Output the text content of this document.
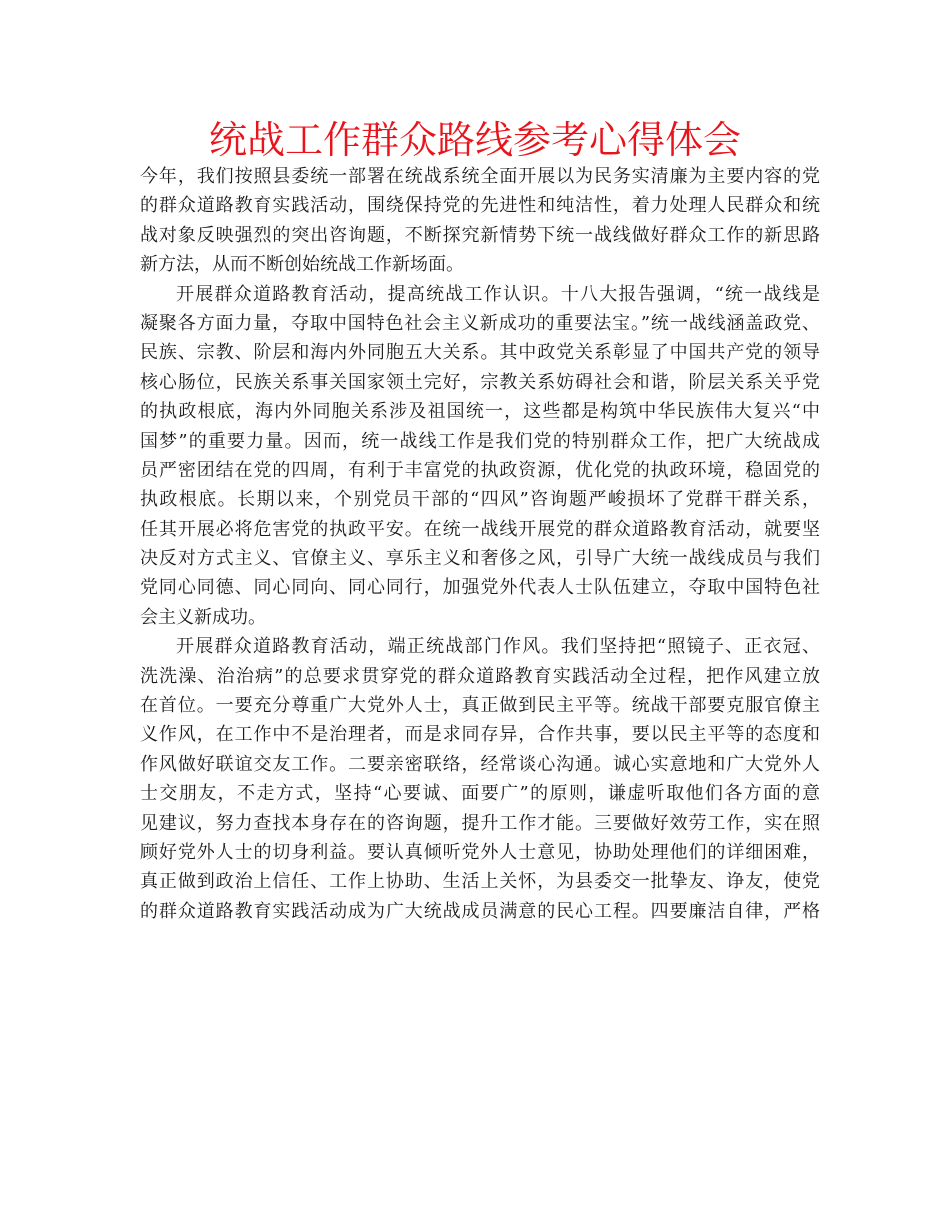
统战工作群众路线参考心得体会
今年，我们按照县委统一部署在统战系统全面开展以为民务实清廉为主要内容的党
的群众道路教育实践活动，围绕保持党的先进性和纯洁性，着力处理人民群众和统
战对象反映强烈的突出咨询题，不断探究新情势下统一战线做好群众工作的新思路
新方法，从而不断创始统战工作新场面。
开展群众道路教育活动，提高统战工作认识。十八大报告强调，“统一战线是
凝聚各方面力量，夺取中国特色社会主义新成功的重要法宝。”统一战线涵盖政党、
民族、宗教、阶层和海内外同胞五大关系。其中政党关系彰显了中国共产党的领导
核心肠位，民族关系事关国家领土完好，宗教关系妨碍社会和谐，阶层关系关乎党
的执政根底，海内外同胞关系涉及祖国统一，这些都是构筑中华民族伟大复兴“中
国梦”的重要力量。因而，统一战线工作是我们党的特别群众工作，把广大统战成
员严密团结在党的四周，有利于丰富党的执政资源，优化党的执政环境，稳固党的
执政根底。长期以来，个别党员干部的“四风”咨询题严峻损坏了党群干群关系，
任其开展必将危害党的执政平安。在统一战线开展党的群众道路教育活动，就要坚
决反对方式主义、官僚主义、享乐主义和奢侈之风，引导广大统一战线成员与我们
党同心同德、同心同向、同心同行，加强党外代表人士队伍建立，夺取中国特色社
会主义新成功。
开展群众道路教育活动，端正统战部门作风。我们坚持把“照镜子、正衣冠、
洗洗澡、治治病”的总要求贯穿党的群众道路教育实践活动全过程，把作风建立放
在首位。一要充分尊重广大党外人士，真正做到民主平等。统战干部要克服官僚主
义作风，在工作中不是治理者，而是求同存异，合作共事，要以民主平等的态度和
作风做好联谊交友工作。二要亲密联络，经常谈心沟通。诚心实意地和广大党外人
士交朋友，不走方式，坚持“心要诚、面要广”的原则，谦虚听取他们各方面的意
见建议，努力查找本身存在的咨询题，提升工作才能。三要做好效劳工作，实在照
顾好党外人士的切身利益。要认真倾听党外人士意见，协助处理他们的详细困难，
真正做到政治上信任、工作上协助、生活上关怀，为县委交一批挚友、诤友，使党
的群众道路教育实践活动成为广大统战成员满意的民心工程。四要廉洁自律，严格
